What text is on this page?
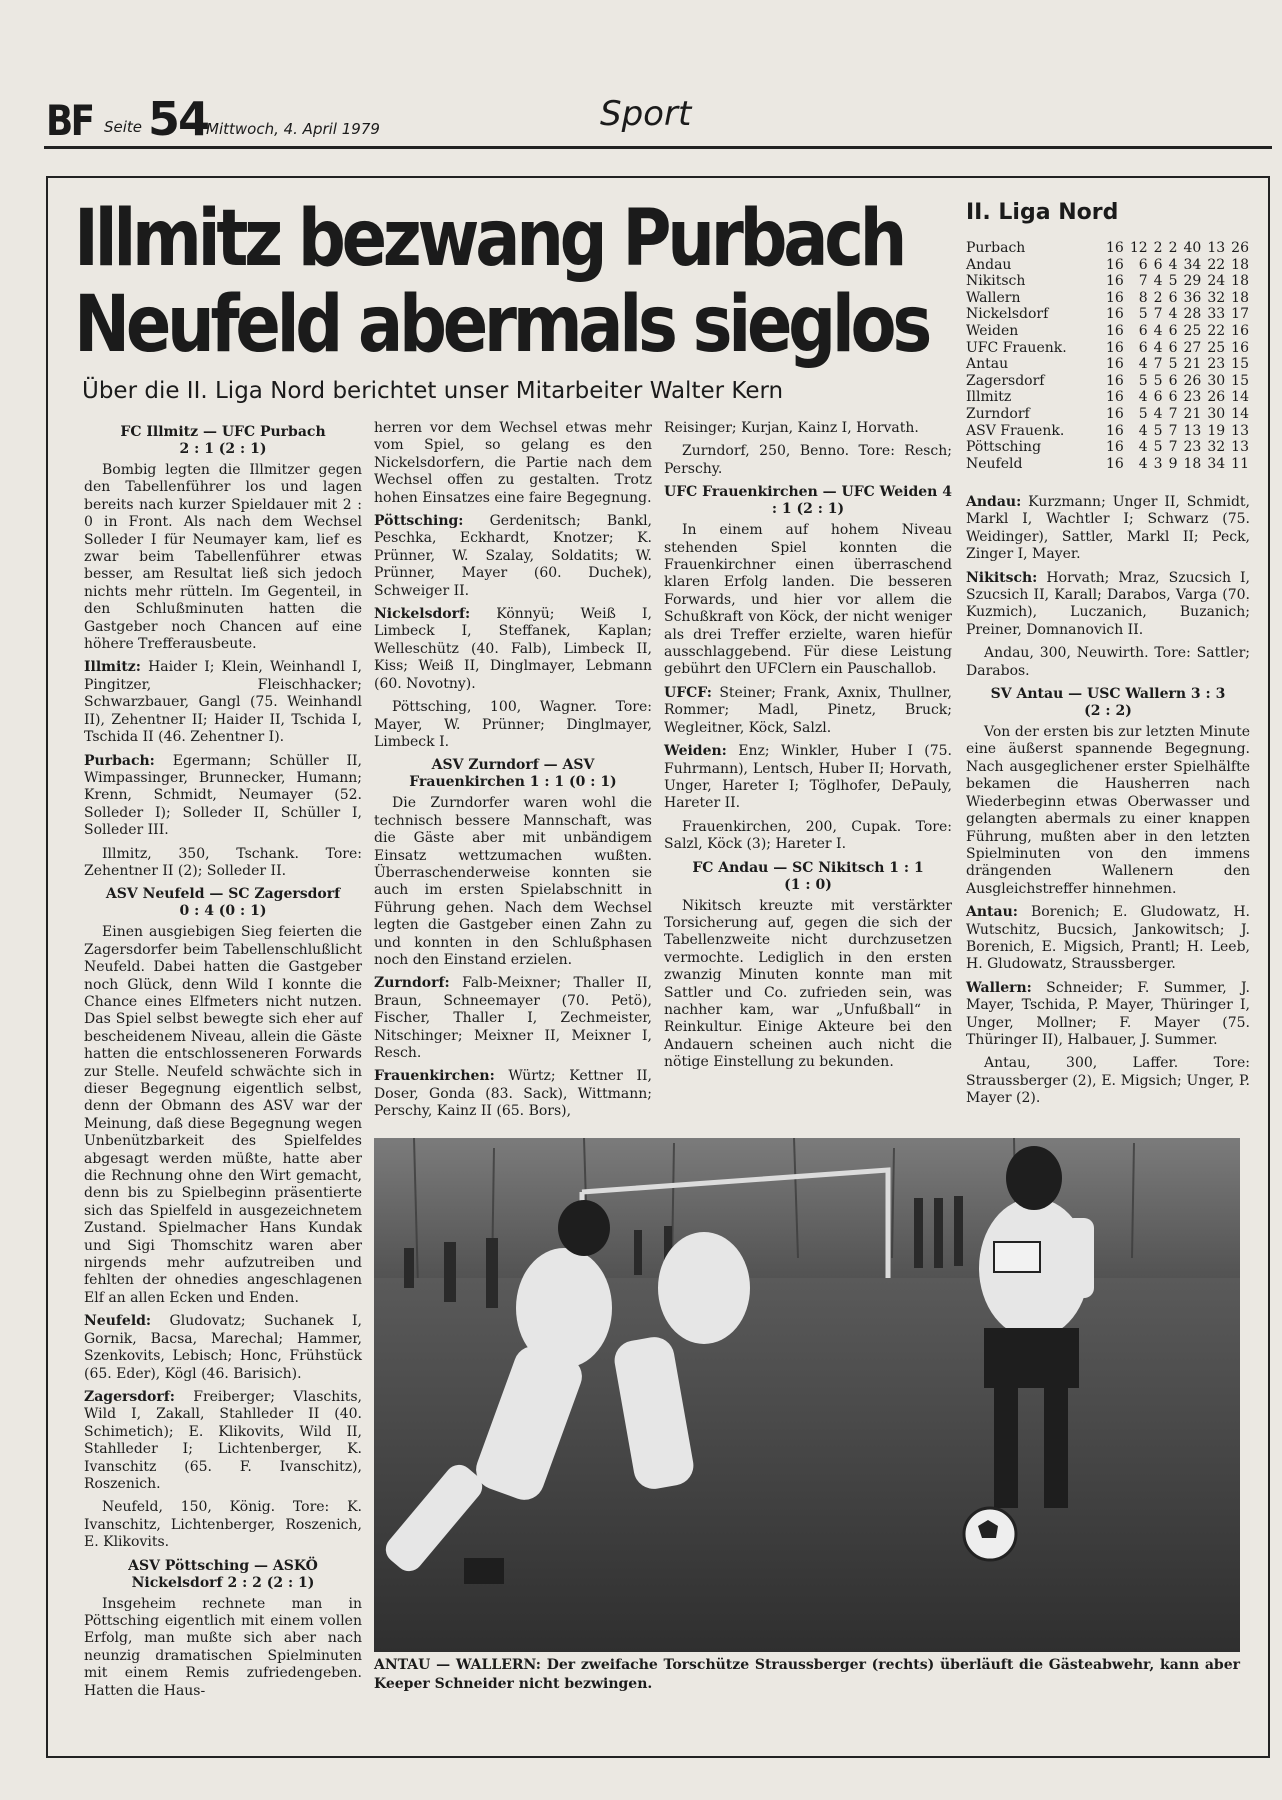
BF Seite 54
Mittwoch, 4. April 1979	Sport
Illmitz bezwang Purbach
Neufeld abermals sieglos
Über die II. Liga Nord berichtet unser Mitarbeiter Walter Kern
II. Liga Nord
Purbach	16	12	2	2	40	13	26
Andau	16	6	6	4	34	22	18
Nikitsch	16	7	4	5	29	24	18
Wallern	16	8	2	6	36	32	18
Nickelsdorf	16	5	7	4	28	33	17
Weiden	16	6	4	6	25	22	16
UFC Frauenk.	16	6	4	6	27	25	16
Antau	16	4	7	5	21	23	15
Zagersdorf	16	5	5	6	26	30	15
Illmitz	16	4	6	6	23	26	14
Zurndorf	16	5	4	7	21	30	14
ASV Frauenk.	16	4	5	7	13	19	13
Pöttsching	16	4	5	7	23	32	13
Neufeld	16	4	3	9	18	34	11
FC Illmitz — UFC Purbach
2 : 1 (2 : 1)

Bombig legten die Illmitzer gegen den Tabellenführer los und lagen bereits nach kurzer Spieldauer mit 2 : 0 in Front. Als nach dem Wechsel Solleder I für Neumayer kam, lief es zwar beim Tabellenführer etwas besser, am Resultat ließ sich jedoch nichts mehr rütteln. Im Gegenteil, in den Schlußminuten hatten die Gastgeber noch Chancen auf eine höhere Trefferausbeute.

Illmitz: Haider I; Klein, Weinhandl I, Pingitzer, Fleischhacker; Schwarzbauer, Gangl (75. Weinhandl II), Zehentner II; Haider II, Tschida I, Tschida II (46. Zehentner I).

Purbach: Egermann; Schüller II, Wimpassinger, Brunnecker, Humann; Krenn, Schmidt, Neumayer (52. Solleder I); Solleder II, Schüller I, Solleder III.

Illmitz, 350, Tschank. Tore: Zehentner II (2); Solleder II.

ASV Neufeld — SC Zagersdorf
0 : 4 (0 : 1)

Einen ausgiebigen Sieg feierten die Zagersdorfer beim Tabellenschlußlicht Neufeld. Dabei hatten die Gastgeber noch Glück, denn Wild I konnte die Chance eines Elfmeters nicht nutzen. Das Spiel selbst bewegte sich eher auf bescheidenem Niveau, allein die Gäste hatten die entschlosseneren Forwards zur Stelle. Neufeld schwächte sich in dieser Begegnung eigentlich selbst, denn der Obmann des ASV war der Meinung, daß diese Begegnung wegen Unbenützbarkeit des Spielfeldes abgesagt werden müßte, hatte aber die Rechnung ohne den Wirt gemacht, denn bis zu Spielbeginn präsentierte sich das Spielfeld in ausgezeichnetem Zustand. Spielmacher Hans Kundak und Sigi Thomschitz waren aber nirgends mehr aufzutreiben und fehlten der ohnedies angeschlagenen Elf an allen Ecken und Enden.

Neufeld: Gludovatz; Suchanek I, Gornik, Bacsa, Marechal; Hammer, Szenkovits, Lebisch; Honc, Frühstück (65. Eder), Kögl (46. Barisich).

Zagersdorf: Freiberger; Vlaschits, Wild I, Zakall, Stahlleder II (40. Schimetich); E. Klikovits, Wild II, Stahlleder I; Lichtenberger, K. Ivanschitz (65. F. Ivanschitz), Roszenich.

Neufeld, 150, König. Tore: K. Ivanschitz, Lichtenberger, Roszenich, E. Klikovits.

ASV Pöttsching — ASKÖ Nickelsdorf 2 : 2 (2 : 1)

Insgeheim rechnete man in Pöttsching eigentlich mit einem vollen Erfolg, man mußte sich aber nach neunzig dramatischen Spielminuten mit einem Remis zufriedengeben. Hatten die Haus-

herren vor dem Wechsel etwas mehr vom Spiel, so gelang es den Nickelsdorfern, die Partie nach dem Wechsel offen zu gestalten. Trotz hohen Einsatzes eine faire Begegnung.

Pöttsching: Gerdenitsch; Bankl, Peschka, Eckhardt, Knotzer; K. Prünner, W. Szalay, Soldatits; W. Prünner, Mayer (60. Duchek), Schweiger II.

Nickelsdorf: Könnyü; Weiß I, Limbeck I, Steffanek, Kaplan; Welleschütz (40. Falb), Limbeck II, Kiss; Weiß II, Dinglmayer, Lebmann (60. Novotny).

Pöttsching, 100, Wagner. Tore: Mayer, W. Prünner; Dinglmayer, Limbeck I.

ASV Zurndorf — ASV Frauenkirchen 1 : 1 (0 : 1)

Die Zurndorfer waren wohl die technisch bessere Mannschaft, was die Gäste aber mit unbändigem Einsatz wettzumachen wußten. Überraschenderweise konnten sie auch im ersten Spielabschnitt in Führung gehen. Nach dem Wechsel legten die Gastgeber einen Zahn zu und konnten in den Schlußphasen noch den Einstand erzielen.

Zurndorf: Falb-Meixner; Thaller II, Braun, Schneemayer (70. Petö), Fischer, Thaller I, Zechmeister, Nitschinger; Meixner II, Meixner I, Resch.

Frauenkirchen: Würtz; Kettner II, Doser, Gonda (83. Sack), Wittmann; Perschy, Kainz II (65. Bors),

Reisinger; Kurjan, Kainz I, Horvath.

Zurndorf, 250, Benno. Tore: Resch; Perschy.

UFC Frauenkirchen — UFC Weiden 4 : 1 (2 : 1)

In einem auf hohem Niveau stehenden Spiel konnten die Frauenkirchner einen überraschend klaren Erfolg landen. Die besseren Forwards, und hier vor allem die Schußkraft von Köck, der nicht weniger als drei Treffer erzielte, waren hiefür ausschlaggebend. Für diese Leistung gebührt den UFClern ein Pauschallob.

UFCF: Steiner; Frank, Axnix, Thullner, Rommer; Madl, Pinetz, Bruck; Wegleitner, Köck, Salzl.

Weiden: Enz; Winkler, Huber I (75. Fuhrmann), Lentsch, Huber II; Horvath, Unger, Hareter I; Töglhofer, DePauly, Hareter II.

Frauenkirchen, 200, Cupak. Tore: Salzl, Köck (3); Hareter I.

FC Andau — SC Nikitsch 1 : 1
(1 : 0)

Nikitsch kreuzte mit verstärkter Torsicherung auf, gegen die sich der Tabellenzweite nicht durchzusetzen vermochte. Lediglich in den ersten zwanzig Minuten konnte man mit Sattler und Co. zufrieden sein, was nachher kam, war „Unfußball“ in Reinkultur. Einige Akteure bei den Andauern scheinen auch nicht die nötige Einstellung zu bekunden.

Andau: Kurzmann; Unger II, Schmidt, Markl I, Wachtler I; Schwarz (75. Weidinger), Sattler, Markl II; Peck, Zinger I, Mayer.

Nikitsch: Horvath; Mraz, Szucsich I, Szucsich II, Karall; Darabos, Varga (70. Kuzmich), Luczanich, Buzanich; Preiner, Domnanovich II.

Andau, 300, Neuwirth. Tore: Sattler; Darabos.

SV Antau — USC Wallern 3 : 3
(2 : 2)

Von der ersten bis zur letzten Minute eine äußerst spannende Begegnung. Nach ausgeglichener erster Spielhälfte bekamen die Hausherren nach Wiederbeginn etwas Oberwasser und gelangten abermals zu einer knappen Führung, mußten aber in den letzten Spielminuten von den immens drängenden Wallenern den Ausgleichstreffer hinnehmen.

Antau: Borenich; E. Gludowatz, H. Wutschitz, Bucsich, Jankowitsch; J. Borenich, E. Migsich, Prantl; H. Leeb, H. Gludowatz, Straussberger.

Wallern: Schneider; F. Summer, J. Mayer, Tschida, P. Mayer, Thüringer I, Unger, Mollner; F. Mayer (75. Thüringer II), Halbauer, J. Summer.

Antau, 300, Laffer. Tore: Straussberger (2), E. Migsich; Unger, P. Mayer (2).

ANTAU — WALLERN: Der zweifache Torschütze Straussberger (rechts) überläuft die Gästeabwehr, kann aber Keeper Schneider nicht bezwingen.
